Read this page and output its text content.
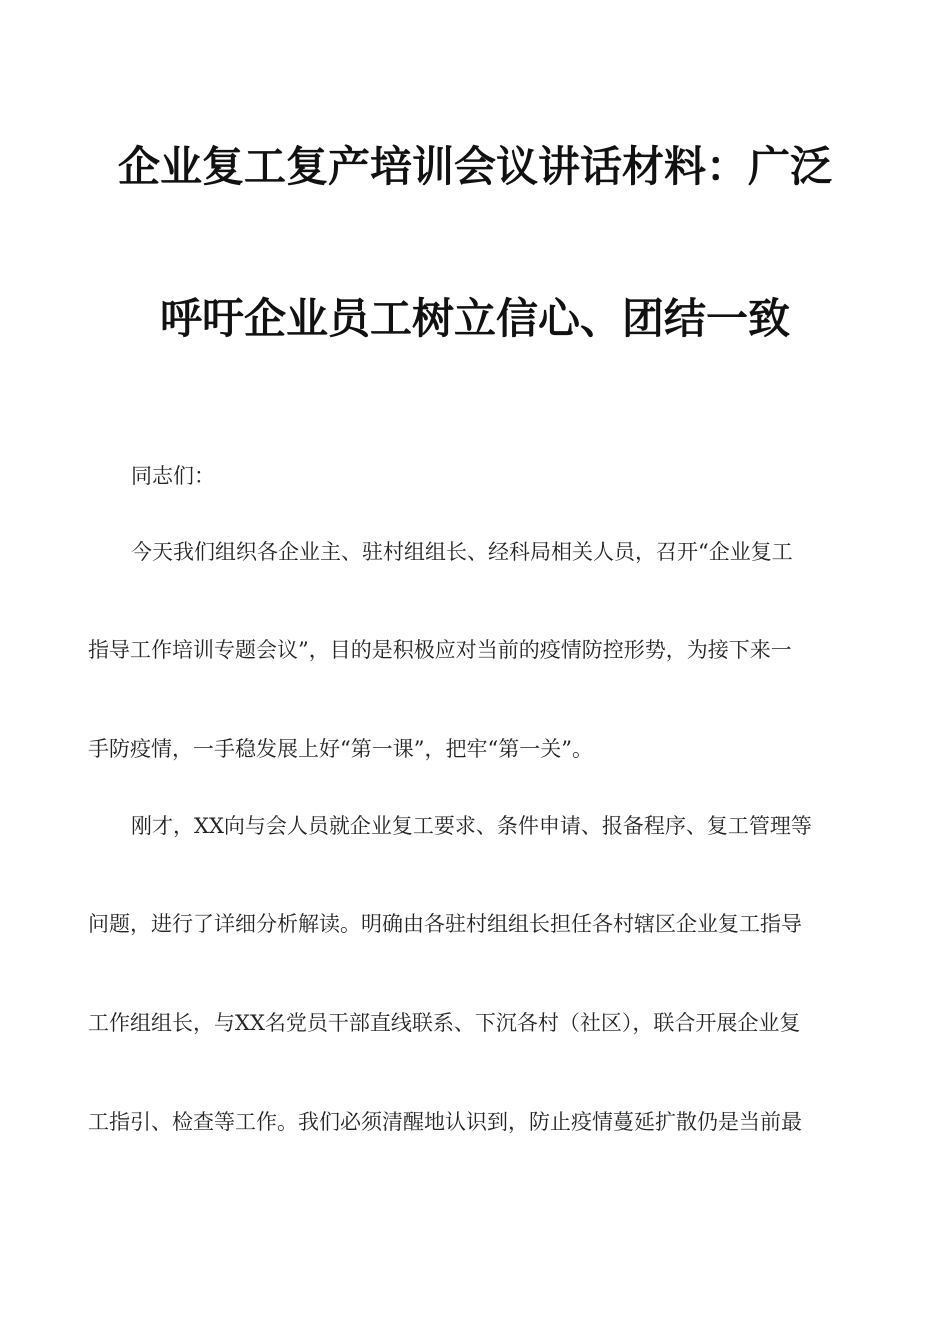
企业复工复产培训会议讲话材料：广泛
呼吁企业员工树立信心、团结一致
同志们：
今天我们组织各企业主、驻村组组长、经科局相关人员，召开“企业复工
指导工作培训专题会议”，目的是积极应对当前的疫情防控形势，为接下来一
手防疫情，一手稳发展上好“第一课”，把牢“第一关”。
刚才，XX向与会人员就企业复工要求、条件申请、报备程序、复工管理等
问题，进行了详细分析解读。明确由各驻村组组长担任各村辖区企业复工指导
工作组组长，与XX名党员干部直线联系、下沉各村（社区），联合开展企业复
工指引、检查等工作。我们必须清醒地认识到，防止疫情蔓延扩散仍是当前最
